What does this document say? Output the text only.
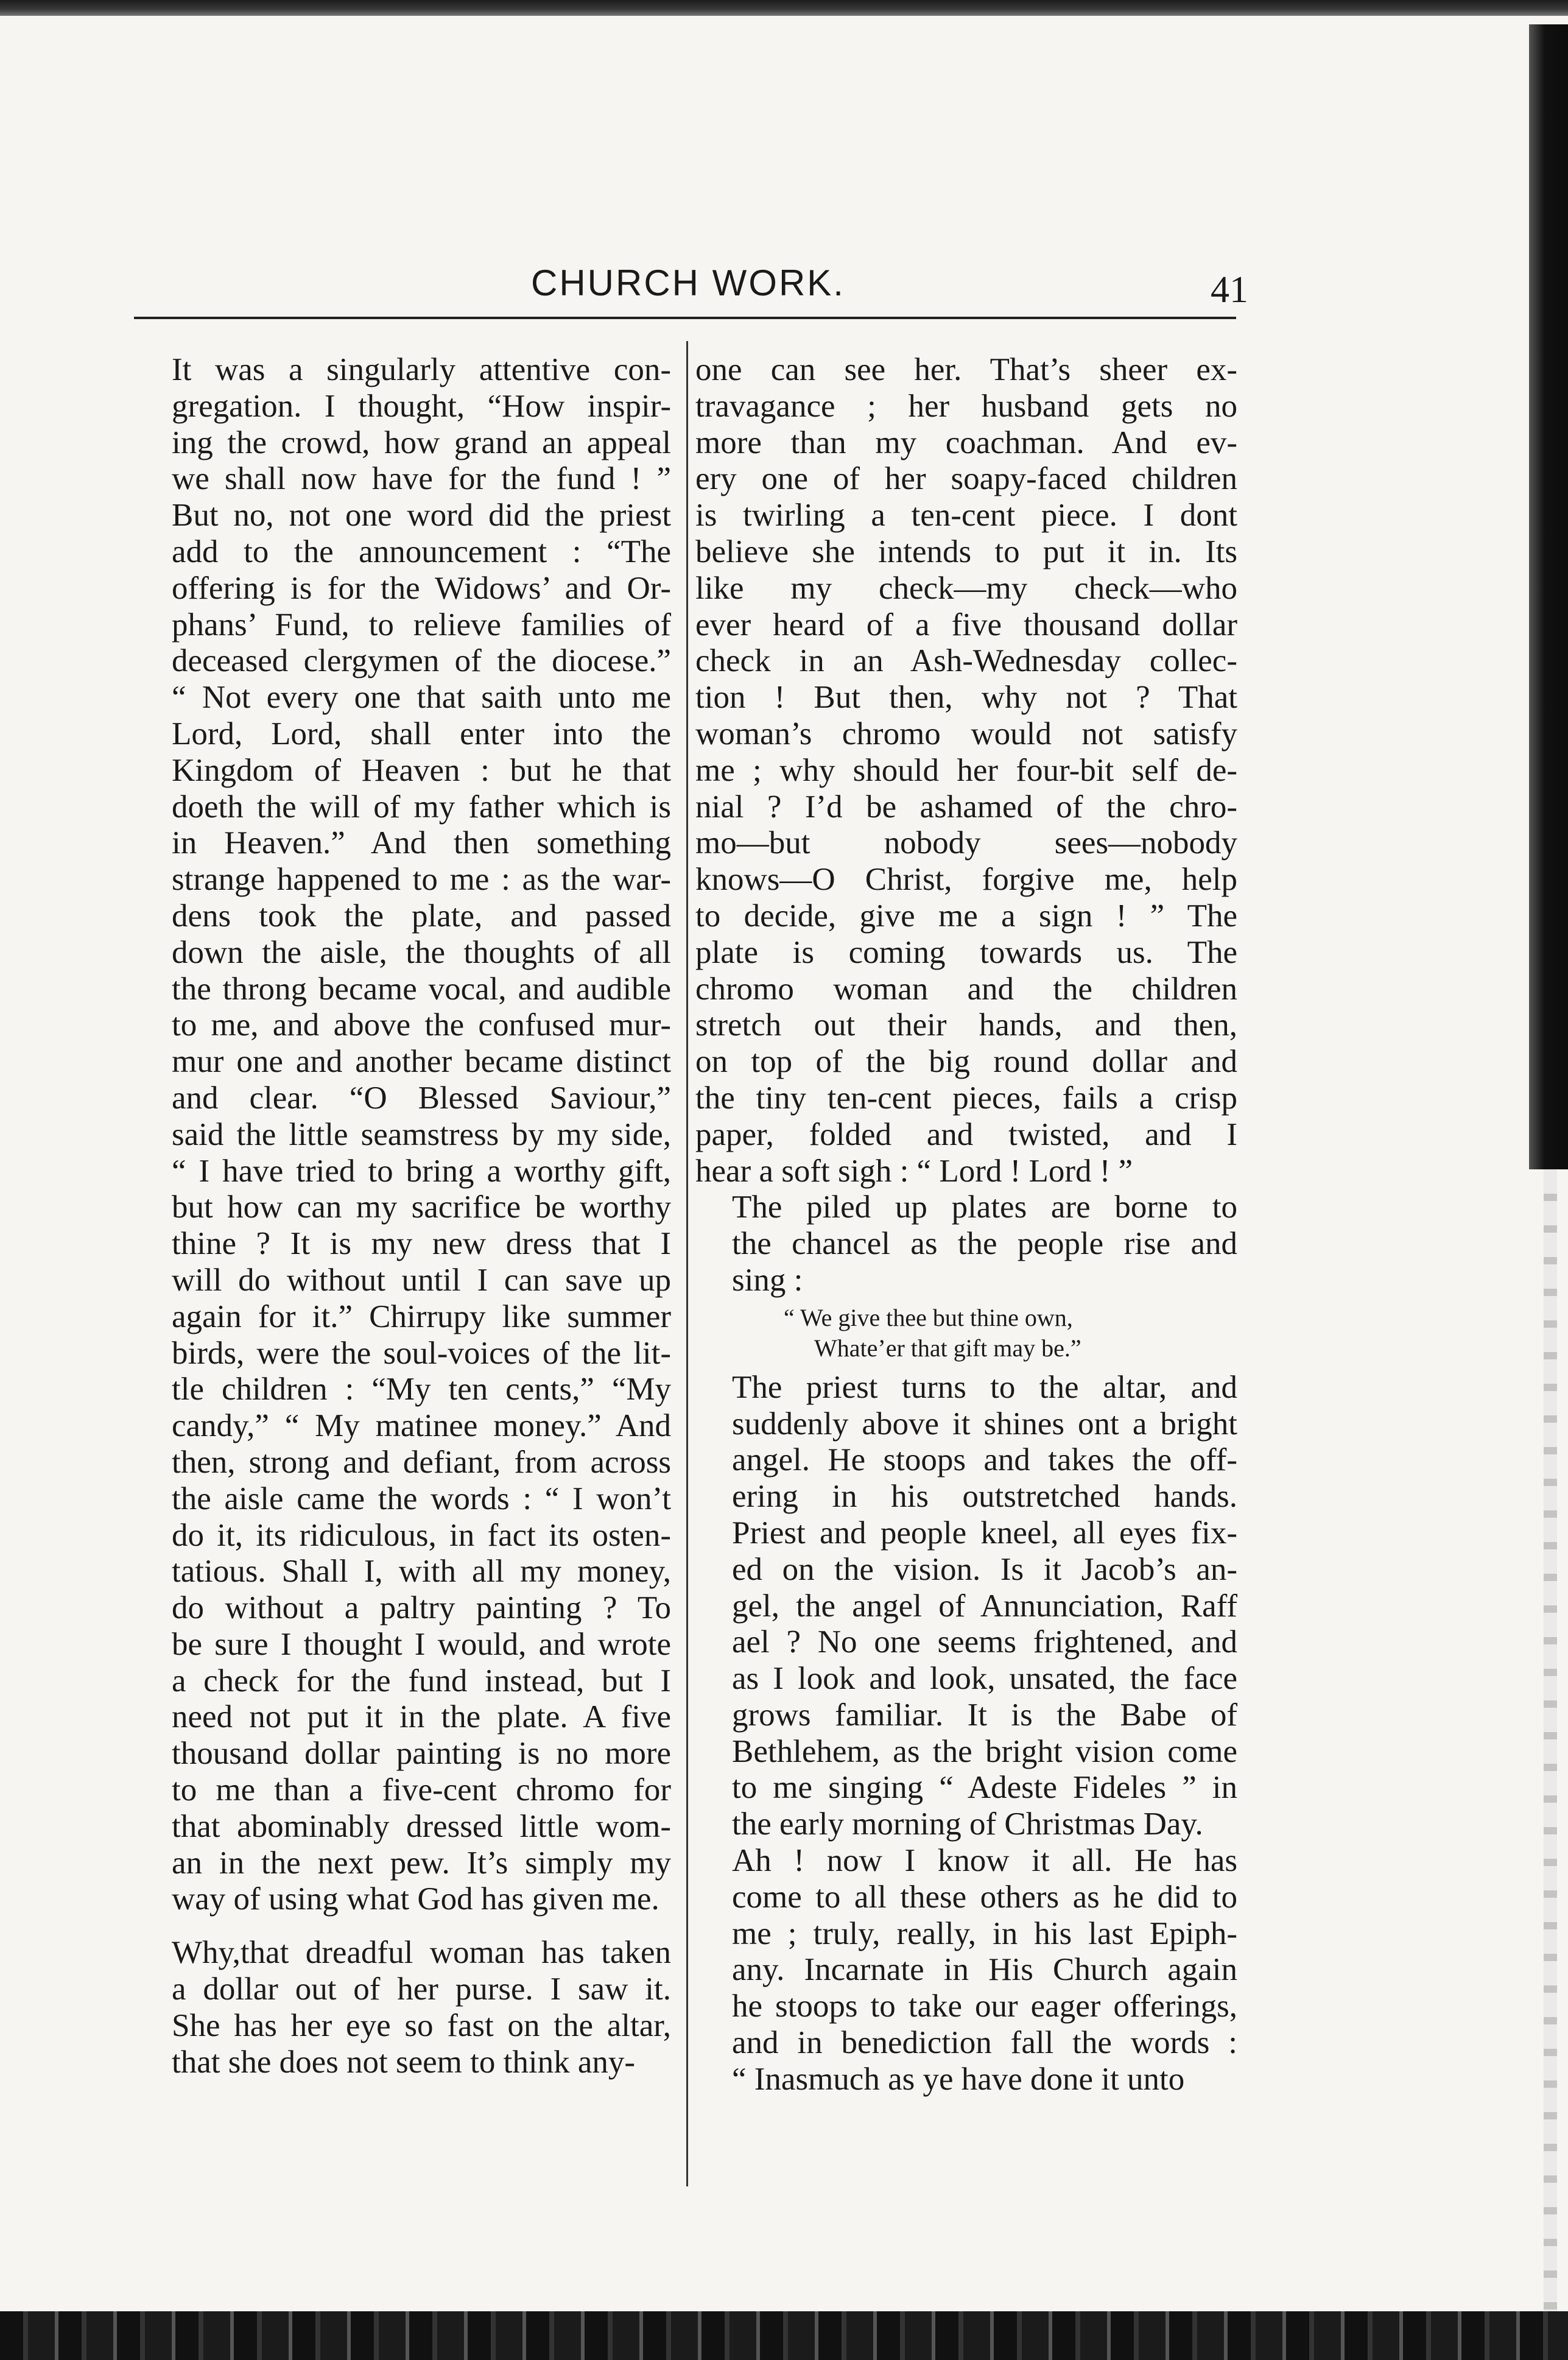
CHURCH WORK.	41

It was a singularly attentive con-

gregation. I thought, “How inspir-

ing the crowd, how grand an appeal

we shall now have for the fund ! ”

But no, not one word did the priest

add to the announcement : “The

offering is for the Widows’ and Or-

phans’ Fund, to relieve families of

deceased clergymen of the diocese.”

“ Not every one that saith unto me

Lord, Lord, shall enter into the

Kingdom of Heaven : but he that

doeth the will of my father which is

in Heaven.” And then something

strange happened to me : as the war-

dens took the plate, and passed

down the aisle, the thoughts of all

the throng became vocal, and audible

to me, and above the confused mur-

mur one and another became distinct

and clear. “O Blessed Saviour,”

said the little seamstress by my side,

“ I have tried to bring a worthy gift,

but how can my sacrifice be worthy

thine ? It is my new dress that I

will do without until I can save up

again for it.” Chirrupy like summer

birds, were the soul-voices of the lit-

tle children : “My ten cents,” “My

candy,” “ My matinee money.” And

then, strong and defiant, from across

the aisle came the words : “ I won’t

do it, its ridiculous, in fact its osten-

tatious. Shall I, with all my money,

do without a paltry painting ? To

be sure I thought I would, and wrote

a check for the fund instead, but I

need not put it in the plate. A five

thousand dollar painting is no more

to me than a five-cent chromo for

that abominably dressed little wom-

an in the next pew. It’s simply my

way of using what God has given me.

Why,that dreadful woman has taken

a dollar out of her purse. I saw it.

She has her eye so fast on the altar,

that she does not seem to think any-

one can see her. That’s sheer ex-

travagance ; her husband gets no

more than my coachman. And ev-

ery one of her soapy-faced children

is twirling a ten-cent piece. I dont

believe she intends to put it in. Its

like my check—my check—who

ever heard of a five thousand dollar

check in an Ash-Wednesday collec-

tion ! But then, why not ? That

woman’s chromo would not satisfy

me ; why should her four-bit self de-

nial ? I’d be ashamed of the chro-

mo—but nobody sees—nobody

knows—O Christ, forgive me, help

to decide, give me a sign ! ” The

plate is coming towards us. The

chromo woman and the children

stretch out their hands, and then,

on top of the big round dollar and

the tiny ten-cent pieces, fails a crisp

paper, folded and twisted, and I

hear a soft sigh : “ Lord ! Lord ! ”

The piled up plates are borne to

the chancel as the people rise and

sing :

“ We give thee but thine own,
Whate’er that gift may be.”

The priest turns to the altar, and

suddenly above it shines ont a bright

angel. He stoops and takes the off-

ering in his outstretched hands.

Priest and people kneel, all eyes fix-

ed on the vision. Is it Jacob’s an-

gel, the angel of Annunciation, Raff

ael ? No one seems frightened, and

as I look and look, unsated, the face

grows familiar. It is the Babe of

Bethlehem, as the bright vision come

to me singing “ Adeste Fideles ” in

the early morning of Christmas Day.

Ah ! now I know it all. He has

come to all these others as he did to

me ; truly, really, in his last Epiph-

any. Incarnate in His Church again

he stoops to take our eager offerings,

and in benediction fall the words :

“ Inasmuch as ye have done it unto
